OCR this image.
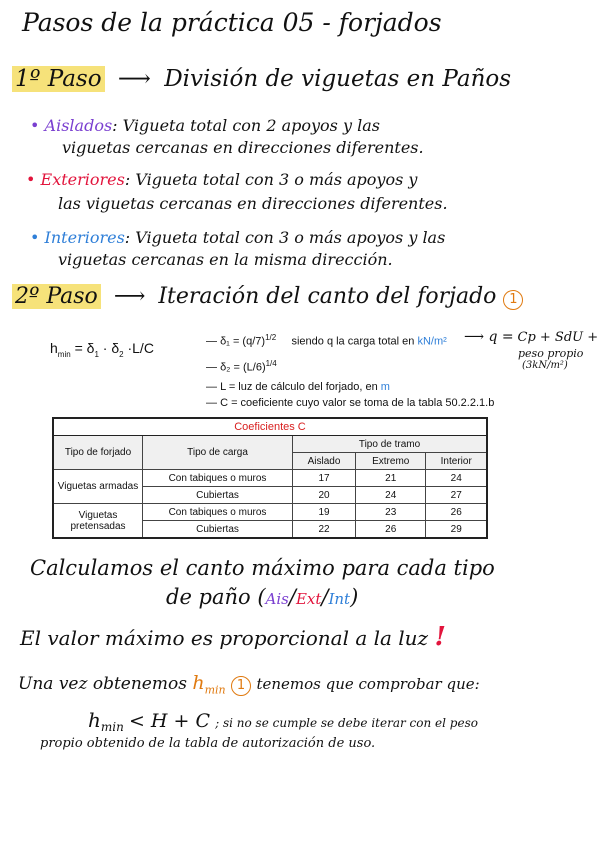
Pasos de la práctica 05 - forjados
1º Paso ⟶ División de viguetas en Paños
• Aislados: Vigueta total con 2 apoyos y las
viguetas cercanas en direcciones diferentes.
• Exteriores: Vigueta total con 3 o más apoyos y
las viguetas cercanas en direcciones diferentes.
• Interiores: Vigueta total con 3 o más apoyos y las
viguetas cercanas en la misma dirección.
2º Paso ⟶ Iteración del canto del forjado 1
$h_{min} = \delta_1 \cdot \delta_2 \cdot L/C$	— $\delta_1 = (q/7)^{1/2}$ siendo q la carga total en kN/m²
— $\delta_2 = (L/6)^{1/4}$
— L = luz de cálculo del forjado, en m
— C = coeficiente cuyo valor se toma de la tabla 50.2.2.1.b
⟶ q = Cp + SdU +
peso propio
(3kN/m²)
Coeficientes C				
Tipo de forjado	Tipo de carga	Tipo de tramo		
		Aislado	Extremo	Interior
Viguetas armadas	Con tabiques o muros	17	21	24
	Cubiertas	20	24	27
Viguetas pretensadas	Con tabiques o muros	19	23	26
	Cubiertas	22	26	29
Calculamos el canto máximo para cada tipo
de paño (Ais/Ext/Int)
El valor máximo es proporcional a la luz !
Una vez obtenemos $h_{min}$ 1 tenemos que comprobar que:
$h_{min} < H + C$ ; si no se cumple se debe iterar con el peso
propio obtenido de la tabla de autorización de uso.
